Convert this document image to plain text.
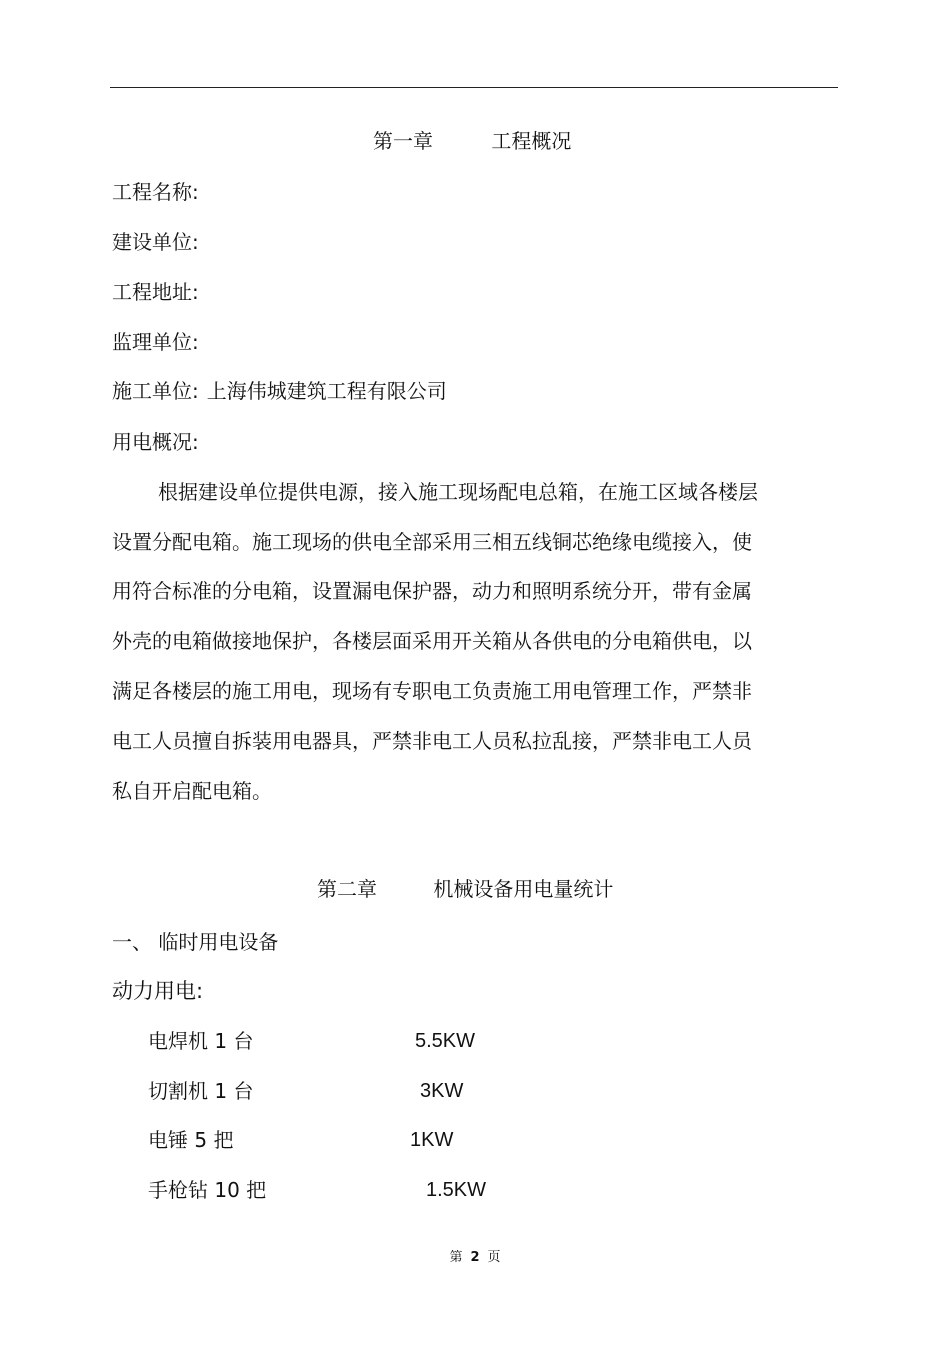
第一章	工程概况
工程名称:
建设单位:
工程地址:
监理单位:
施工单位: 上海伟城建筑工程有限公司
用电概况:
根据建设单位提供电源，接入施工现场配电总箱，在施工区域各楼层
设置分配电箱。施工现场的供电全部采用三相五线铜芯绝缘电缆接入，使
用符合标准的分电箱，设置漏电保护器，动力和照明系统分开，带有金属
外壳的电箱做接地保护，各楼层面采用开关箱从各供电的分电箱供电，以
满足各楼层的施工用电，现场有专职电工负责施工用电管理工作，严禁非
电工人员擅自拆装用电器具，严禁非电工人员私拉乱接，严禁非电工人员
私自开启配电箱。
第二章	机械设备用电量统计
一、 临时用电设备
动力用电:
电焊机 1 台	5.5KW
切割机 1 台	3KW
电锤 5 把	1KW
手枪钻 10 把	1.5KW
第 2 页
